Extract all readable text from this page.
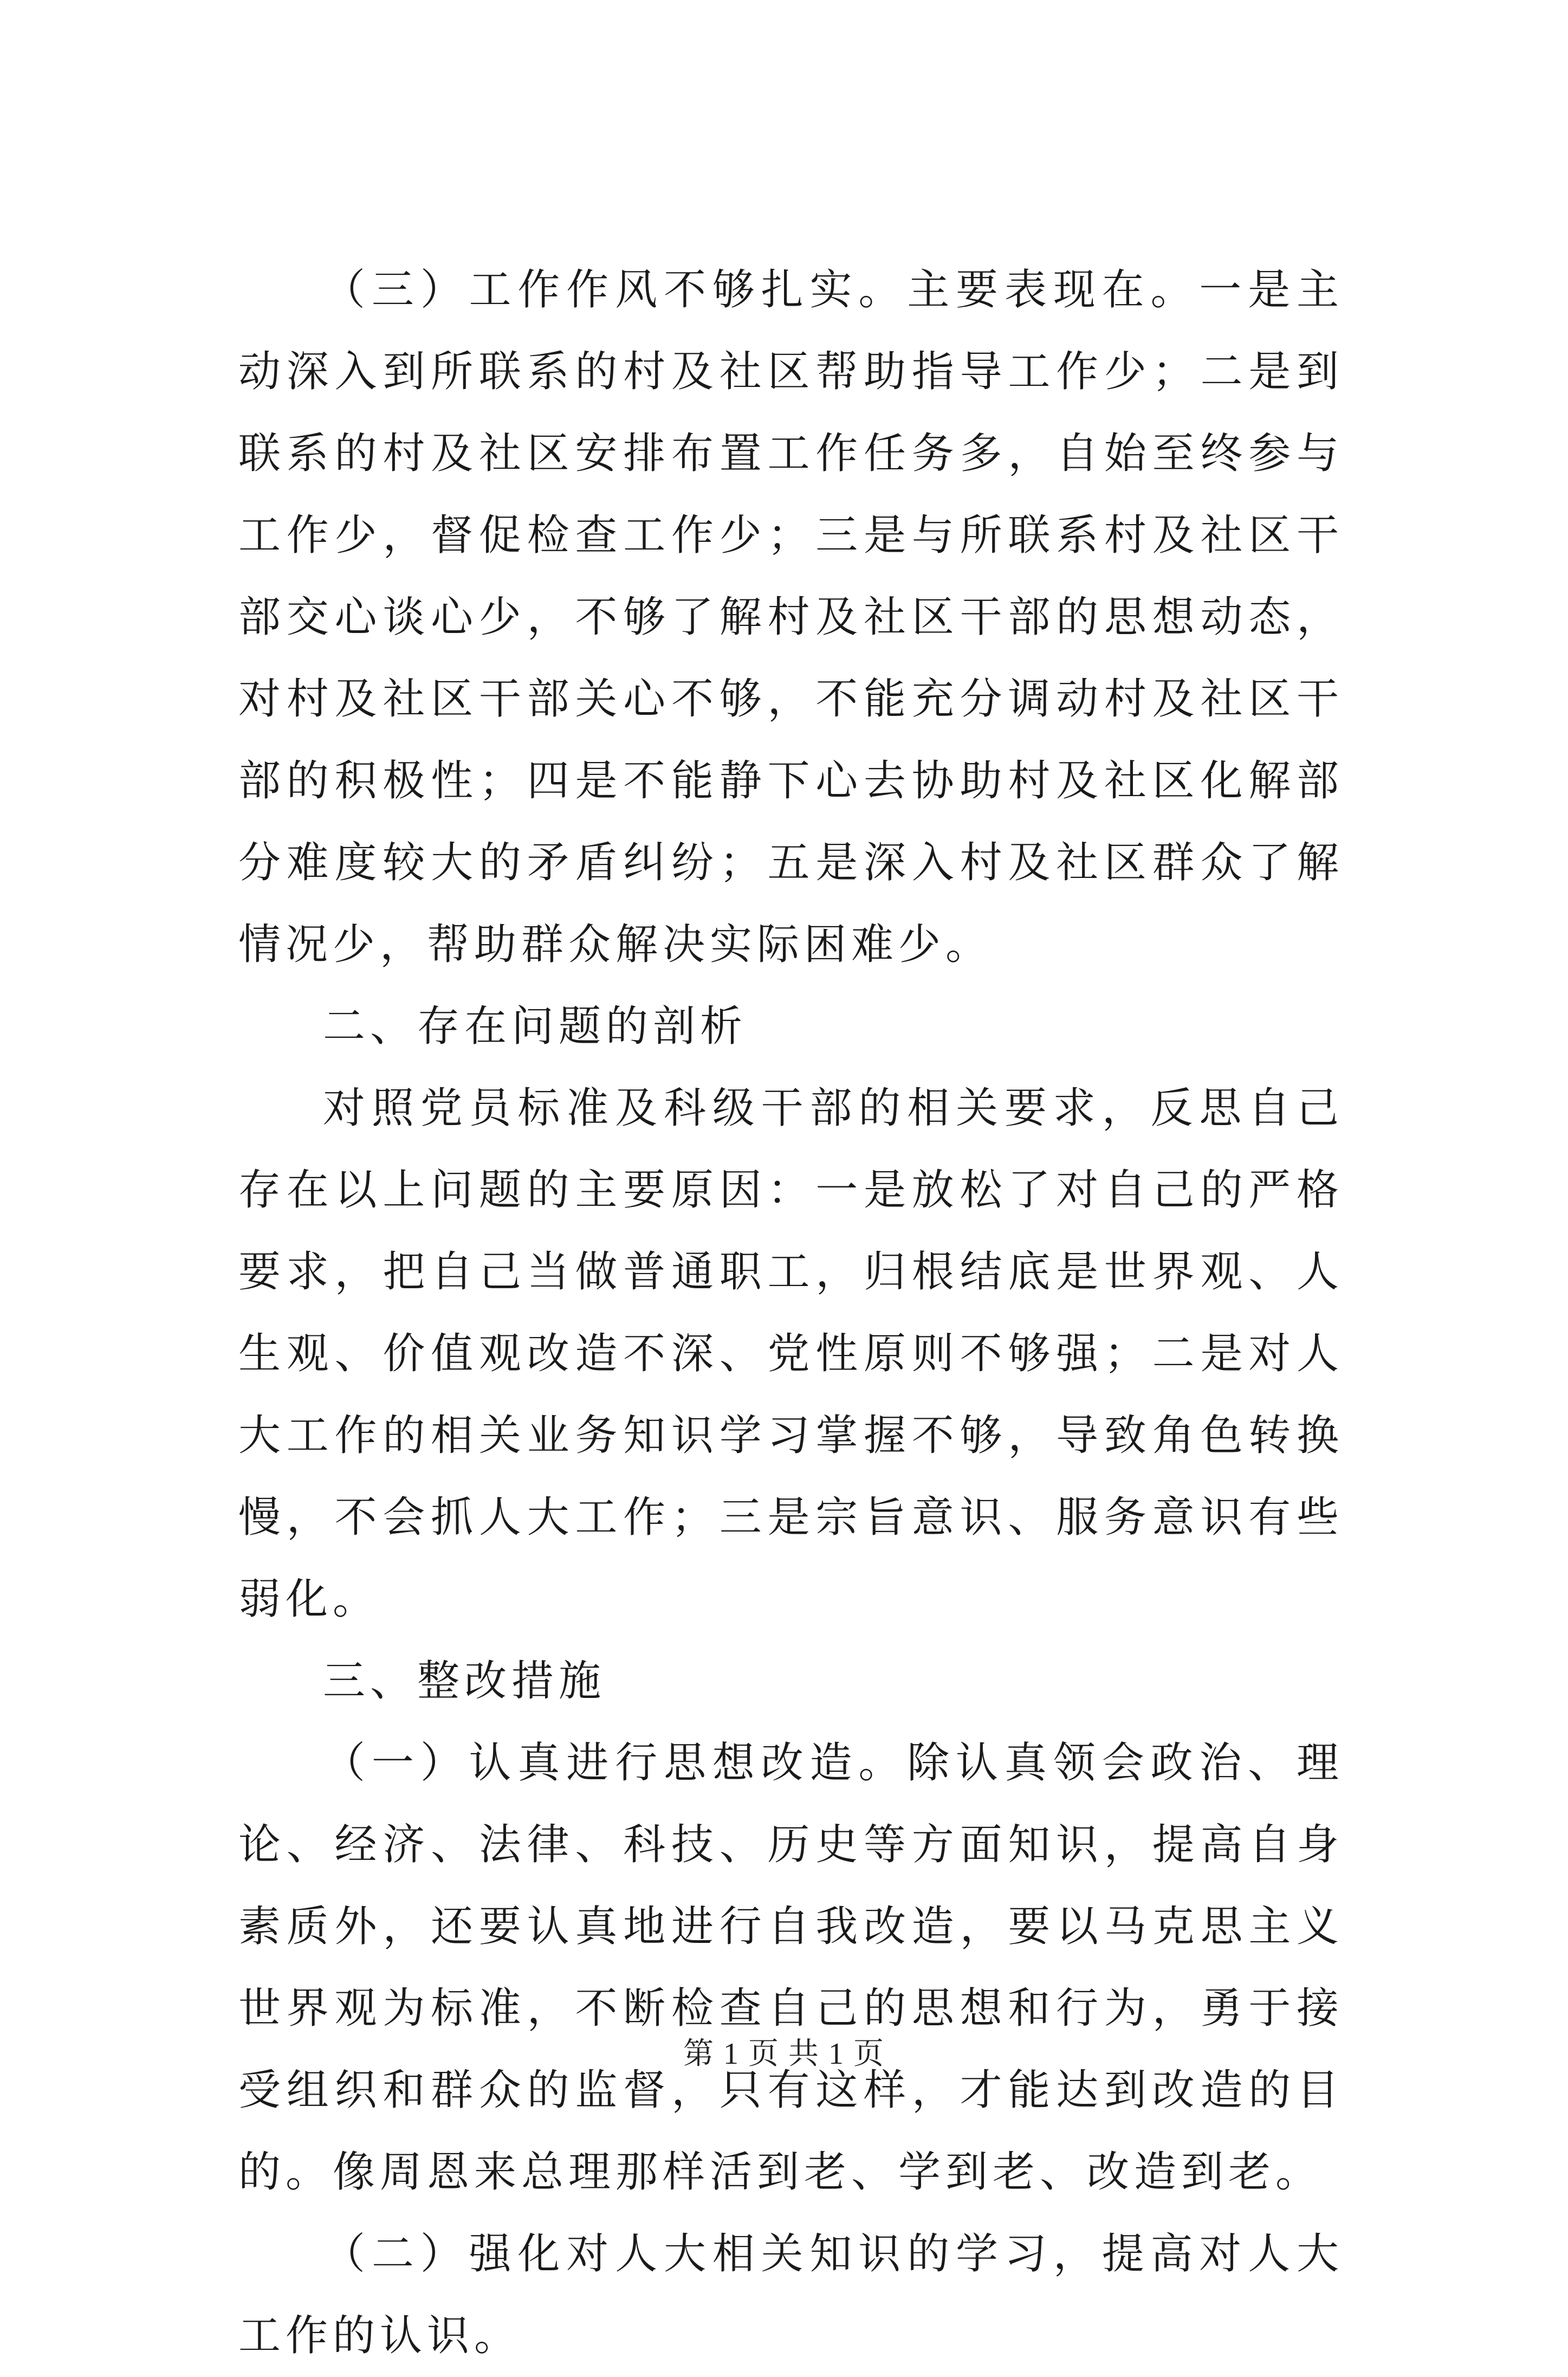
（三）工作作风不够扎实。主要表现在。一是主动深入到所联系的村及社区帮助指导工作少；二是到联系的村及社区安排布置工作任务多，自始至终参与工作少，督促检查工作少；三是与所联系村及社区干部交心谈心少，不够了解村及社区干部的思想动态，对村及社区干部关心不够，不能充分调动村及社区干部的积极性；四是不能静下心去协助村及社区化解部分难度较大的矛盾纠纷；五是深入村及社区群众了解情况少，帮助群众解决实际困难少。

二、存在问题的剖析

对照党员标准及科级干部的相关要求，反思自己存在以上问题的主要原因：一是放松了对自己的严格要求，把自己当做普通职工，归根结底是世界观、人生观、价值观改造不深、党性原则不够强；二是对人大工作的相关业务知识学习掌握不够，导致角色转换慢，不会抓人大工作；三是宗旨意识、服务意识有些弱化。

三、整改措施

（一）认真进行思想改造。除认真领会政治、理论、经济、法律、科技、历史等方面知识，提高自身素质外，还要认真地进行自我改造，要以马克思主义世界观为标准，不断检查自己的思想和行为，勇于接受组织和群众的监督，只有这样，才能达到改造的目的。像周恩来总理那样活到老、学到老、改造到老。

（二）强化对人大相关知识的学习，提高对人大工作的认识。

第 1 页 共 1 页
